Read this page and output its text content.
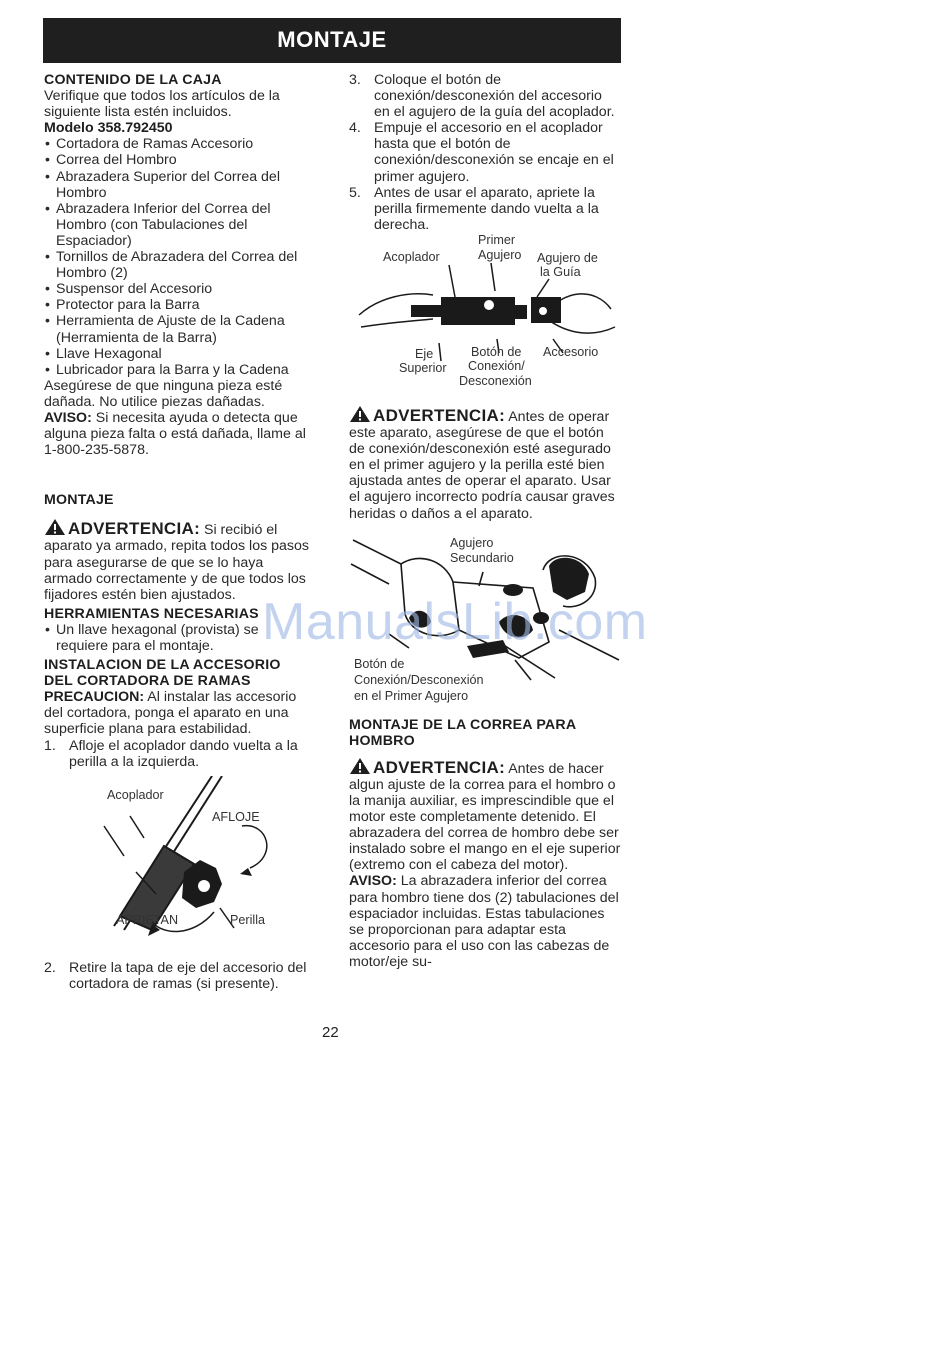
MONTAJE

CONTENIDO DE LA CAJA

Verifique que todos los artículos de la siguiente lista estén incluidos.

Modelo 358.792450

• Cortadora de Ramas Accesorio
• Correa del Hombro
• Abrazadera Superior del Correa del Hombro
• Abrazadera Inferior del Correa del Hombro (con Tabulaciones del Espaciador)
• Tornillos de Abrazadera del Correa del Hombro (2)
• Suspensor del Accesorio
• Protector para la Barra
• Herramienta de Ajuste de la Cadena (Herramienta de la Barra)
• Llave Hexagonal
• Lubricador para la Barra y la Cadena

Asegúrese de que ninguna pieza esté dañada. No utilice piezas dañadas.

AVISO: Si necesita ayuda o detecta que alguna pieza falta o está dañada, llame al 1-800-235-5878.

MONTAJE

ADVERTENCIA: Si recibió el aparato ya armado, repita todos los pasos para asegurarse de que se lo haya armado correctamente y de que todos los fijadores estén bien ajustados.

HERRAMIENTAS NECESARIAS

• Un llave hexagonal (provista) se requiere para el montaje.

INSTALACION DE LA ACCESORIO DEL CORTADORA DE RAMAS

PRECAUCION: Al instalar las accesorio del cortadora, ponga el aparato en una superficie plana para estabilidad.

1. Afloje el acoplador dando vuelta a la perilla a la izquierda.
Acoplador
AFLOJE
APRIETAN	Perilla
2. Retire la tapa de eje del accesorio del cortadora de ramas (si presente).
3. Coloque el botón de conexión/desconexión del accesorio en el agujero de la guía del acoplador.
4. Empuje el accesorio en el acoplador hasta que el botón de conexión/desconexión se encaje en el primer agujero.
5. Antes de usar el aparato, apriete la perilla firmemente dando vuelta a la derecha.
Primer
Agujero
Acoplador	Agujero de
la Guía
Eje
Superior
Botón de
Conexión/
Desconexión
Accesorio

ADVERTENCIA: Antes de operar este aparato, asegúrese de que el botón de conexión/desconexión esté asegurado en el primer agujero y la perilla esté bien ajustada antes de operar el aparato. Usar el agujero incorrecto podría causar graves heridas o daños a el aparato.

Agujero
Secundario
Botón de
Conexión/Desconexión
en el Primer Agujero

MONTAJE DE LA CORREA PARA HOMBRO

ADVERTENCIA: Antes de hacer algun ajuste de la correa para el hombro o la manija auxiliar, es imprescindible que el motor este completamente detenido. El abrazadera del correa de hombro debe ser instalado sobre el mango en el eje superior (extremo con el cabeza del motor).

AVISO: La abrazadera inferior del correa para hombro tiene dos (2) tabulaciones del espaciador incluidas. Estas tabulaciones se proporcionan para adaptar esta accesorio para el uso con las cabezas de motor/eje su-

22
ManualsLib.com
